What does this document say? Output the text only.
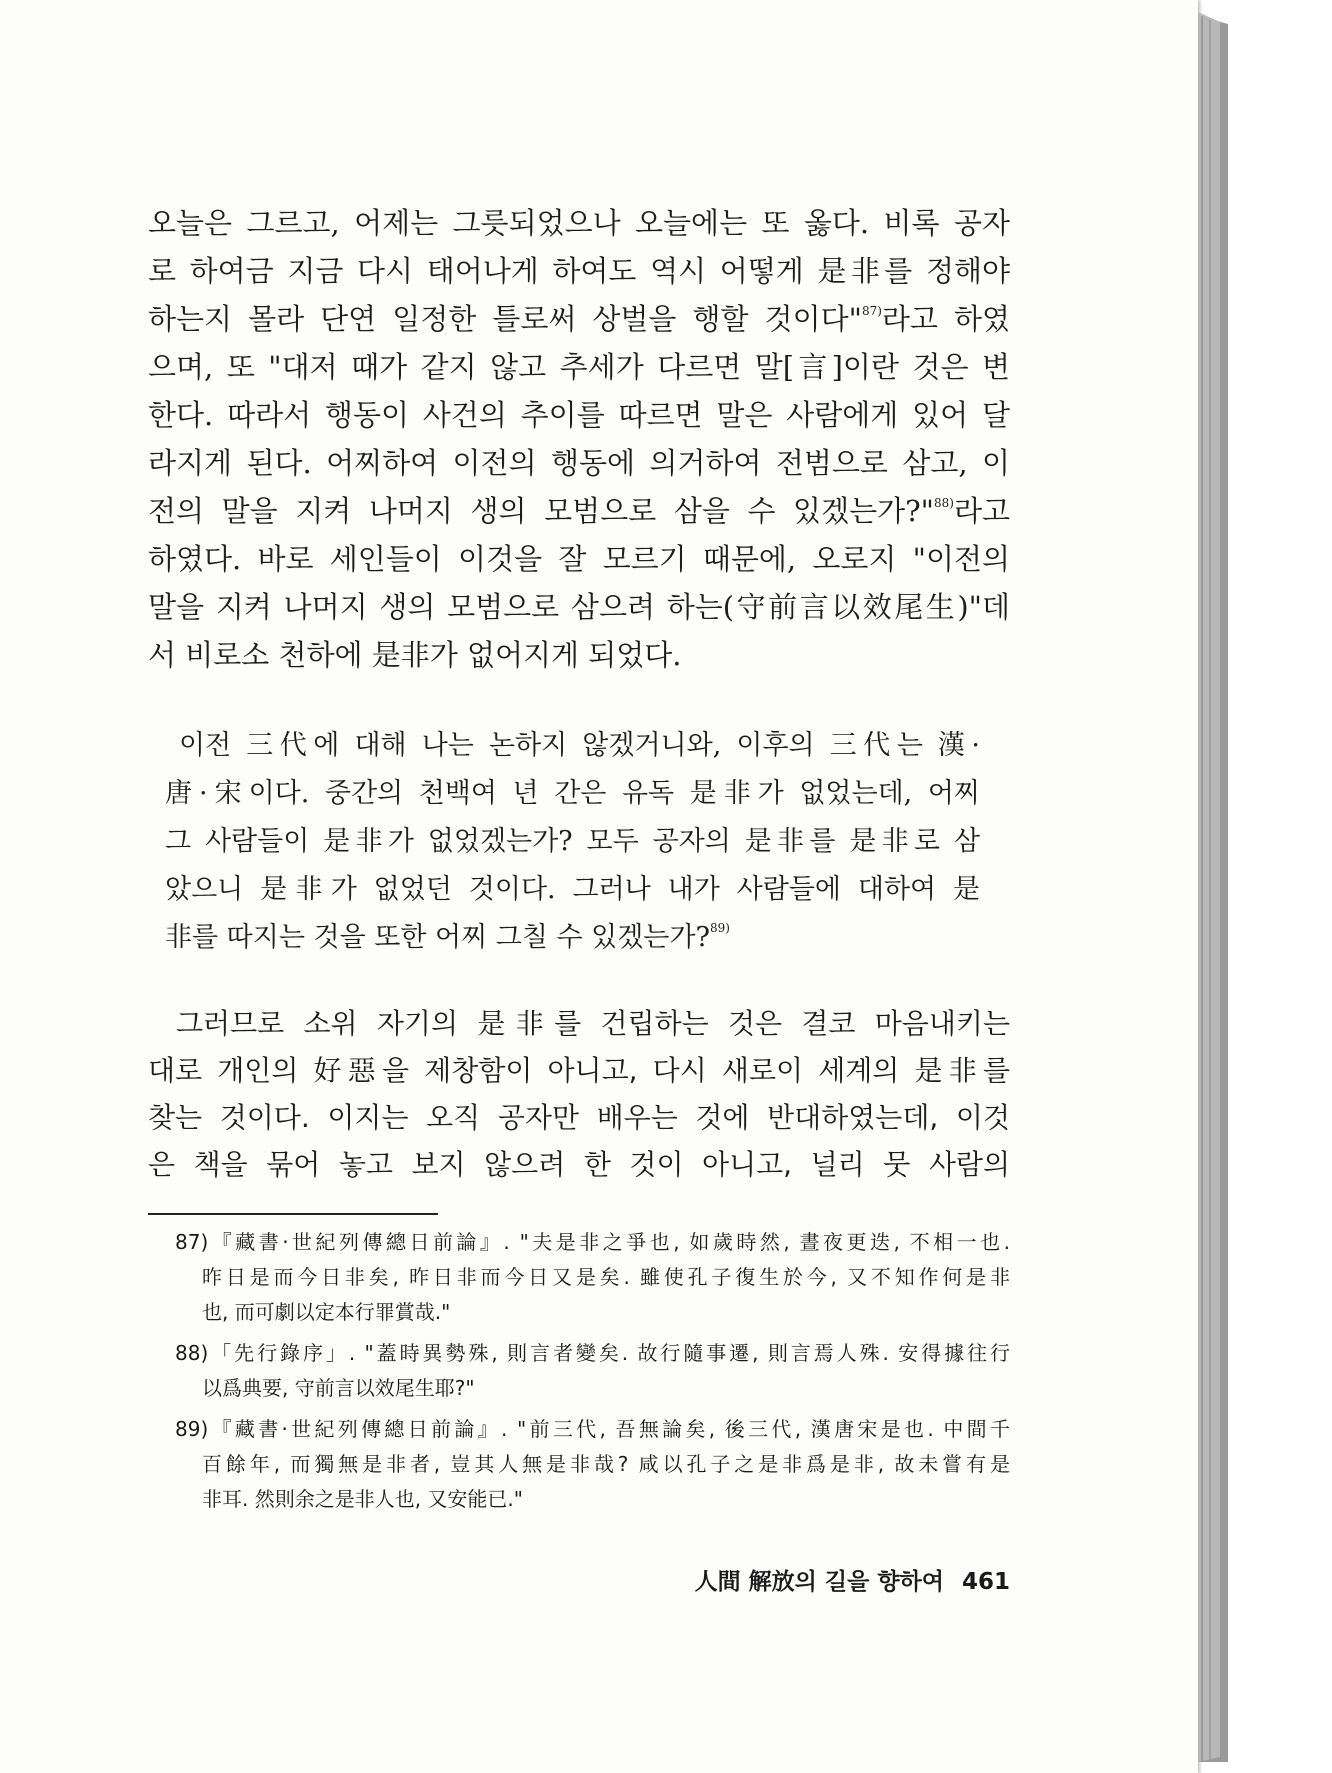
오늘은 그르고, 어제는 그릇되었으나 오늘에는 또 옳다. 비록 공자
로 하여금 지금 다시 태어나게 하여도 역시 어떻게 是非를 정해야
하는지 몰라 단연 일정한 틀로써 상벌을 행할 것이다"$^{87)}$라고 하였
으며, 또 "대저 때가 같지 않고 추세가 다르면 말[言]이란 것은 변
한다. 따라서 행동이 사건의 추이를 따르면 말은 사람에게 있어 달
라지게 된다. 어찌하여 이전의 행동에 의거하여 전범으로 삼고, 이
전의 말을 지켜 나머지 생의 모범으로 삼을 수 있겠는가?"$^{88)}$라고
하였다. 바로 세인들이 이것을 잘 모르기 때문에, 오로지 "이전의
말을 지켜 나머지 생의 모범으로 삼으려 하는(守前言以效尾生)"데
서 비로소 천하에 是非가 없어지게 되었다.
이전 三代에 대해 나는 논하지 않겠거니와, 이후의 三代는 漢·
唐·宋이다. 중간의 천백여 년 간은 유독 是非가 없었는데, 어찌
그 사람들이 是非가 없었겠는가? 모두 공자의 是非를 是非로 삼
았으니 是非가 없었던 것이다. 그러나 내가 사람들에 대하여 是
非를 따지는 것을 또한 어찌 그칠 수 있겠는가?$^{89)}$
그러므로 소위 자기의 是非를 건립하는 것은 결코 마음내키는
대로 개인의 好惡을 제창함이 아니고, 다시 새로이 세계의 是非를
찾는 것이다. 이지는 오직 공자만 배우는 것에 반대하였는데, 이것
은 책을 묶어 놓고 보지 않으려 한 것이 아니고, 널리 뭇 사람의
87)『藏書·世紀列傳總日前論』. "夫是非之爭也, 如歲時然, 晝夜更迭, 不相一也.
昨日是而今日非矣, 昨日非而今日又是矣. 雖使孔子復生於今, 又不知作何是非
也, 而可劇以定本行罪賞哉."
88)「先行錄序」. "蓋時異勢殊, 則言者變矣. 故行隨事遷, 則言焉人殊. 安得據往行
以爲典要, 守前言以效尾生耶?"
89)『藏書·世紀列傳總日前論』. "前三代, 吾無論矣, 後三代, 漢唐宋是也. 中間千
百餘年, 而獨無是非者, 豈其人無是非哉? 咸以孔子之是非爲是非, 故未嘗有是
非耳. 然則余之是非人也, 又安能已."
人間 解放의 길을 향하여 461
